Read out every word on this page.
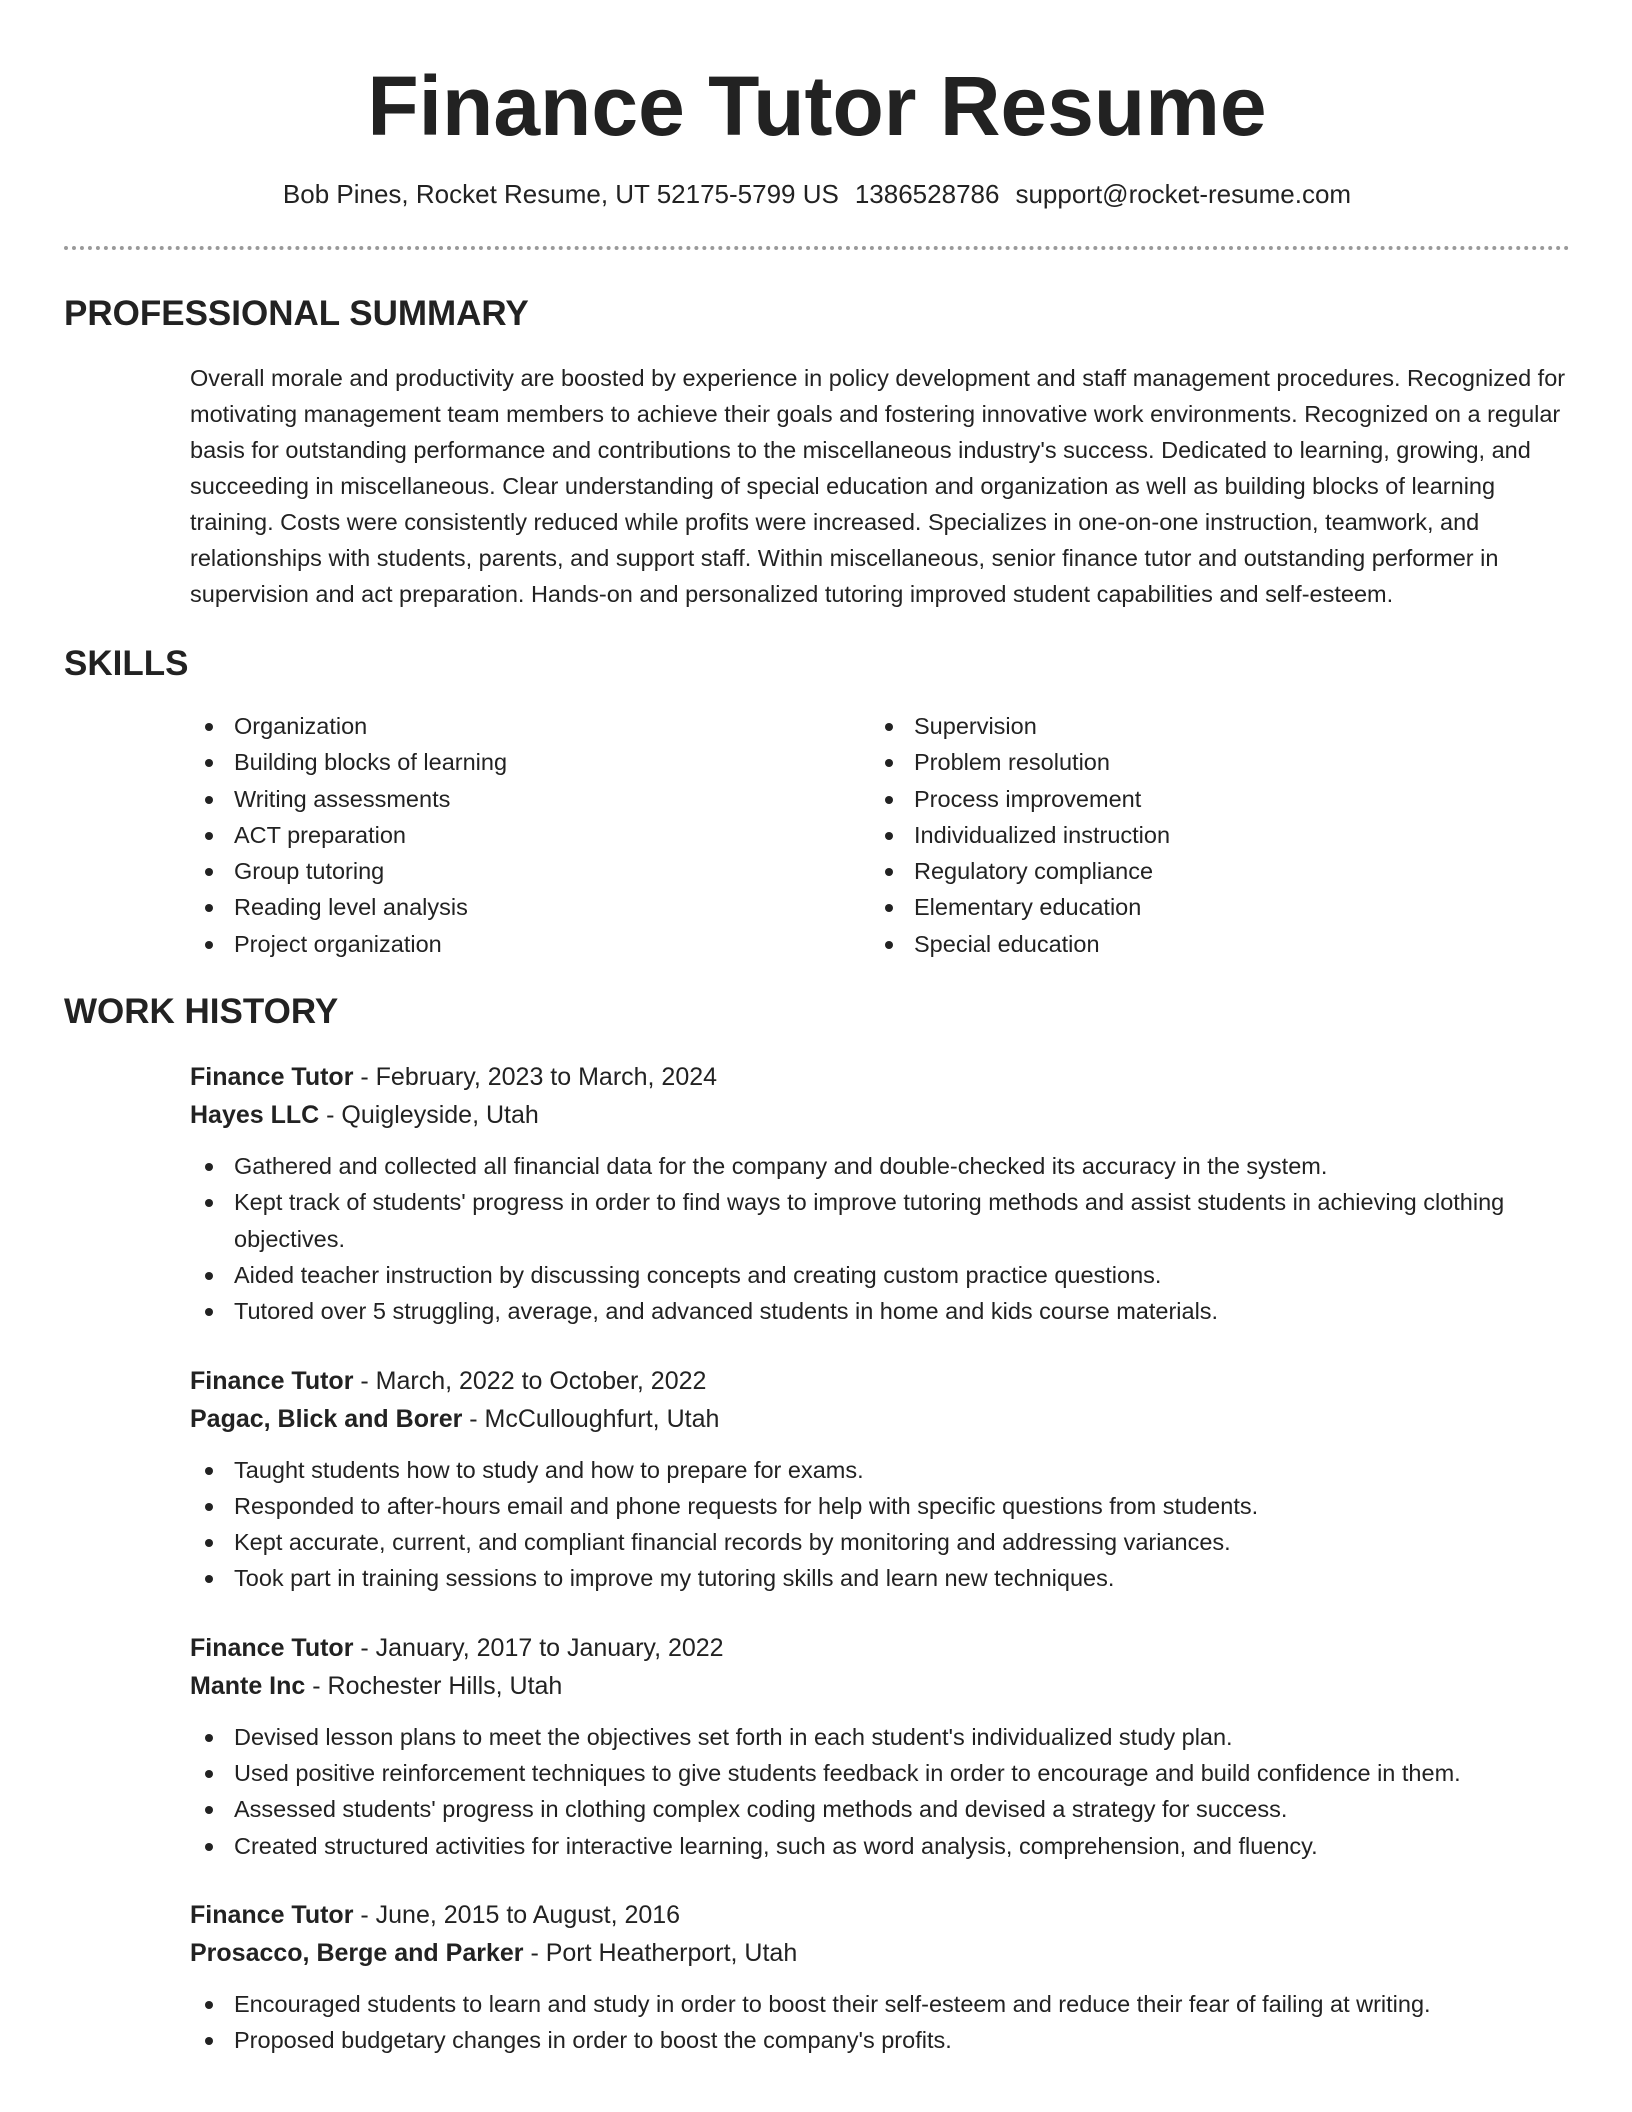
Finance Tutor Resume
Bob Pines, Rocket Resume, UT 52175-5799 US 1386528786 support@rocket-resume.com
PROFESSIONAL SUMMARY

Overall morale and productivity are boosted by experience in policy development and staff management procedures. Recognized for motivating management team members to achieve their goals and fostering innovative work environments. Recognized on a regular basis for outstanding performance and contributions to the miscellaneous industry's success. Dedicated to learning, growing, and succeeding in miscellaneous. Clear understanding of special education and organization as well as building blocks of learning training. Costs were consistently reduced while profits were increased. Specializes in one-on-one instruction, teamwork, and relationships with students, parents, and support staff. Within miscellaneous, senior finance tutor and outstanding performer in supervision and act preparation. Hands-on and personalized tutoring improved student capabilities and self-esteem.

SKILLS
Organization
Building blocks of learning
Writing assessments
ACT preparation
Group tutoring
Reading level analysis
Project organization
Supervision
Problem resolution
Process improvement
Individualized instruction
Regulatory compliance
Elementary education
Special education
WORK HISTORY
Finance Tutor - February, 2023 to March, 2024
Hayes LLC - Quigleyside, Utah
Gathered and collected all financial data for the company and double-checked its accuracy in the system.
Kept track of students' progress in order to find ways to improve tutoring methods and assist students in achieving clothing objectives.
Aided teacher instruction by discussing concepts and creating custom practice questions.
Tutored over 5 struggling, average, and advanced students in home and kids course materials.
Finance Tutor - March, 2022 to October, 2022
Pagac, Blick and Borer - McCulloughfurt, Utah
Taught students how to study and how to prepare for exams.
Responded to after-hours email and phone requests for help with specific questions from students.
Kept accurate, current, and compliant financial records by monitoring and addressing variances.
Took part in training sessions to improve my tutoring skills and learn new techniques.
Finance Tutor - January, 2017 to January, 2022
Mante Inc - Rochester Hills, Utah
Devised lesson plans to meet the objectives set forth in each student's individualized study plan.
Used positive reinforcement techniques to give students feedback in order to encourage and build confidence in them.
Assessed students' progress in clothing complex coding methods and devised a strategy for success.
Created structured activities for interactive learning, such as word analysis, comprehension, and fluency.
Finance Tutor - June, 2015 to August, 2016
Prosacco, Berge and Parker - Port Heatherport, Utah
Encouraged students to learn and study in order to boost their self-esteem and reduce their fear of failing at writing.
Proposed budgetary changes in order to boost the company's profits.
